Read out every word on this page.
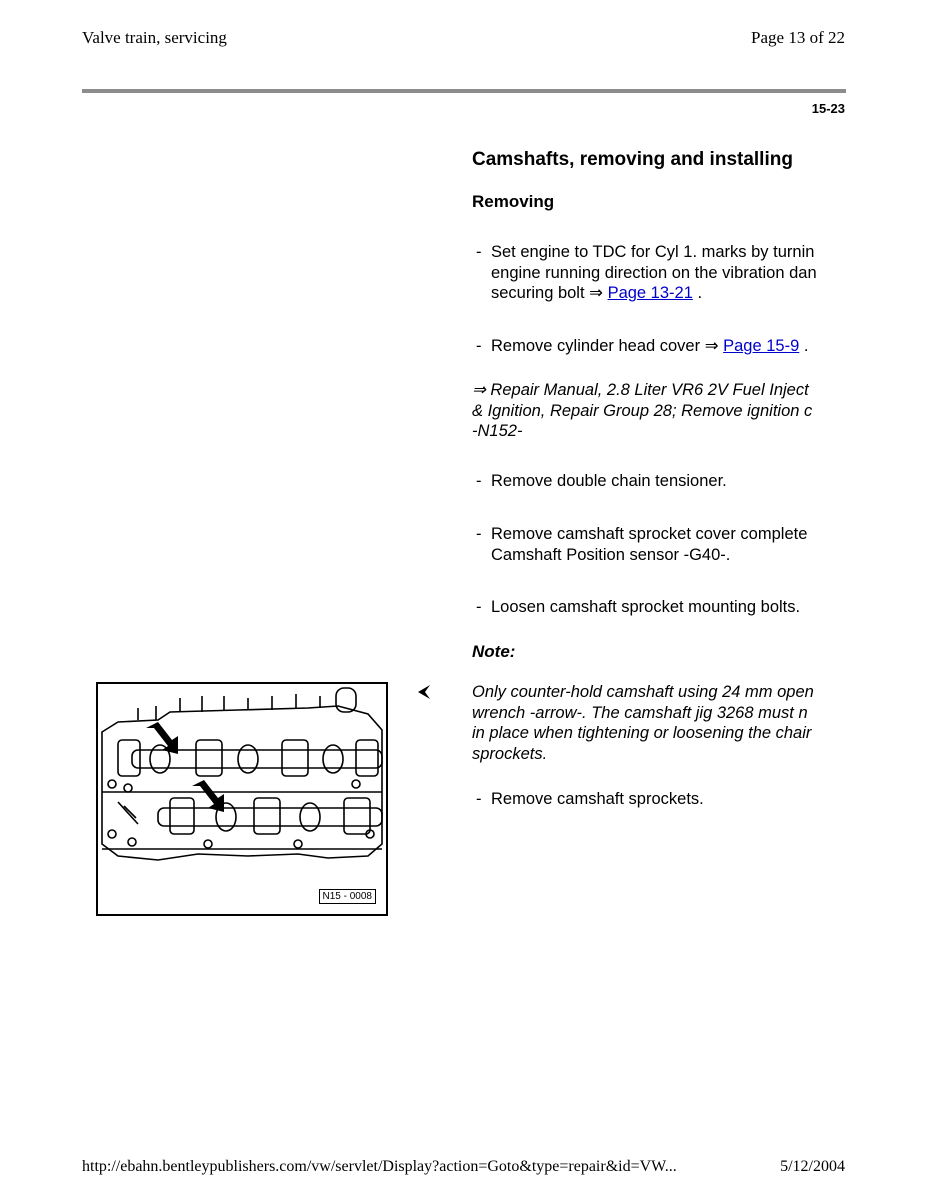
Valve train, servicing	Page 13 of 22
15-23
Camshafts, removing and installing
Removing
- Set engine to TDC for Cyl 1. marks by turnin
engine running direction on the vibration dan
securing bolt ⇒ Page 13-21 .
- Remove cylinder head cover ⇒ Page 15-9 .
⇒ Repair Manual, 2.8 Liter VR6 2V Fuel Inject
& Ignition, Repair Group 28; Remove ignition c
-N152-
- Remove double chain tensioner.
- Remove camshaft sprocket cover complete
Camshaft Position sensor -G40-.
- Loosen camshaft sprocket mounting bolts.
Note:
Only counter-hold camshaft using 24 mm open
wrench -arrow-. The camshaft jig 3268 must n
in place when tightening or loosening the chair
sprockets.
- Remove camshaft sprockets.
N15 - 0008
http://ebahn.bentleypublishers.com/vw/servlet/Display?action=Goto&type=repair&id=VW...	5/12/2004
